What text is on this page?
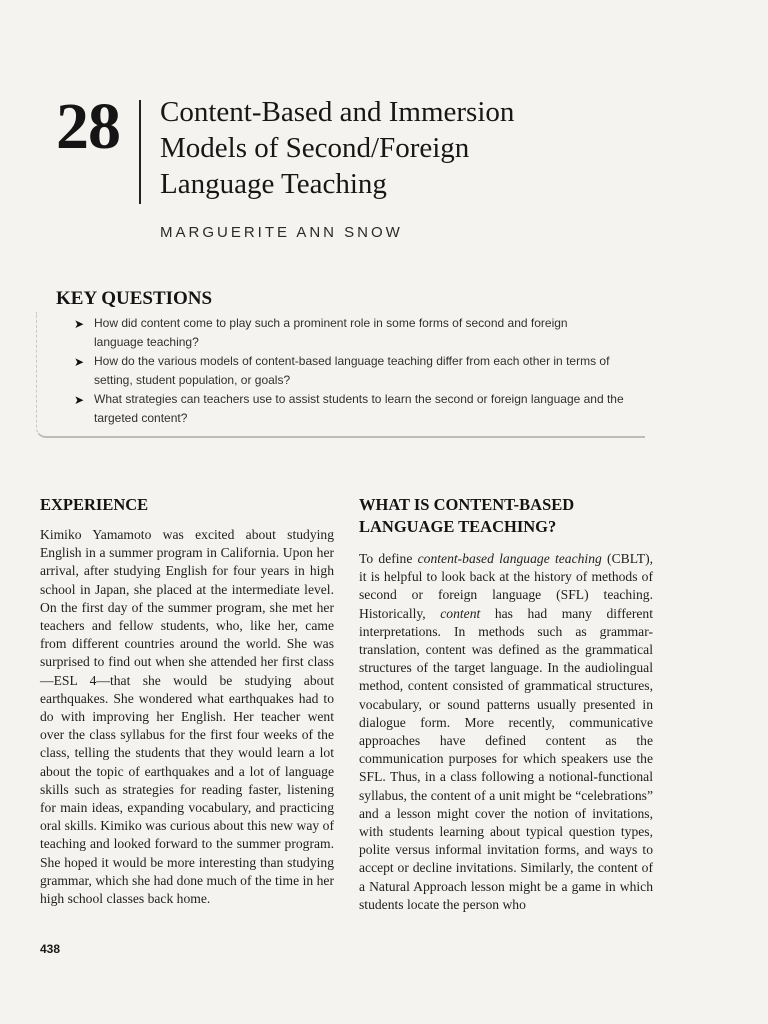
28 Content-Based and Immersion
Models of Second/Foreign
Language Teaching
MARGUERITE ANN SNOW
KEY QUESTIONS
➤ How did content come to play such a prominent role in some forms of second and foreign
language teaching?
➤ How do the various models of content-based language teaching differ from each other in terms of
setting, student population, or goals?
➤ What strategies can teachers use to assist students to learn the second or foreign language and the
targeted content?
EXPERIENCE

Kimiko Yamamoto was excited about studying English in a summer program in California. Upon her arrival, after studying English for four years in high school in Japan, she placed at the intermediate level. On the first day of the summer program, she met her teachers and fellow students, who, like her, came from different countries around the world. She was surprised to find out when she attended her first class—ESL 4—that she would be studying about earthquakes. She wondered what earthquakes had to do with improving her English. Her teacher went over the class syllabus for the first four weeks of the class, telling the students that they would learn a lot about the topic of earthquakes and a lot of language skills such as strategies for reading faster, listening for main ideas, expanding vocabulary, and practicing oral skills. Kimiko was curious about this new way of teaching and looked forward to the summer program. She hoped it would be more interesting than studying grammar, which she had done much of the time in her high school classes back home.

WHAT IS CONTENT-BASED
LANGUAGE TEACHING?

To define content-based language teaching (CBLT), it is helpful to look back at the history of methods of second or foreign language (SFL) teaching. Historically, content has had many different interpretations. In methods such as grammar-translation, content was defined as the grammatical structures of the target language. In the audiolingual method, content consisted of grammatical structures, vocabulary, or sound patterns usually presented in dialogue form. More recently, communicative approaches have defined content as the communication purposes for which speakers use the SFL. Thus, in a class following a notional-functional syllabus, the content of a unit might be “celebrations” and a lesson might cover the notion of invitations, with students learning about typical question types, polite versus informal invitation forms, and ways to accept or decline invitations. Similarly, the content of a Natural Approach lesson might be a game in which students locate the person who

438
